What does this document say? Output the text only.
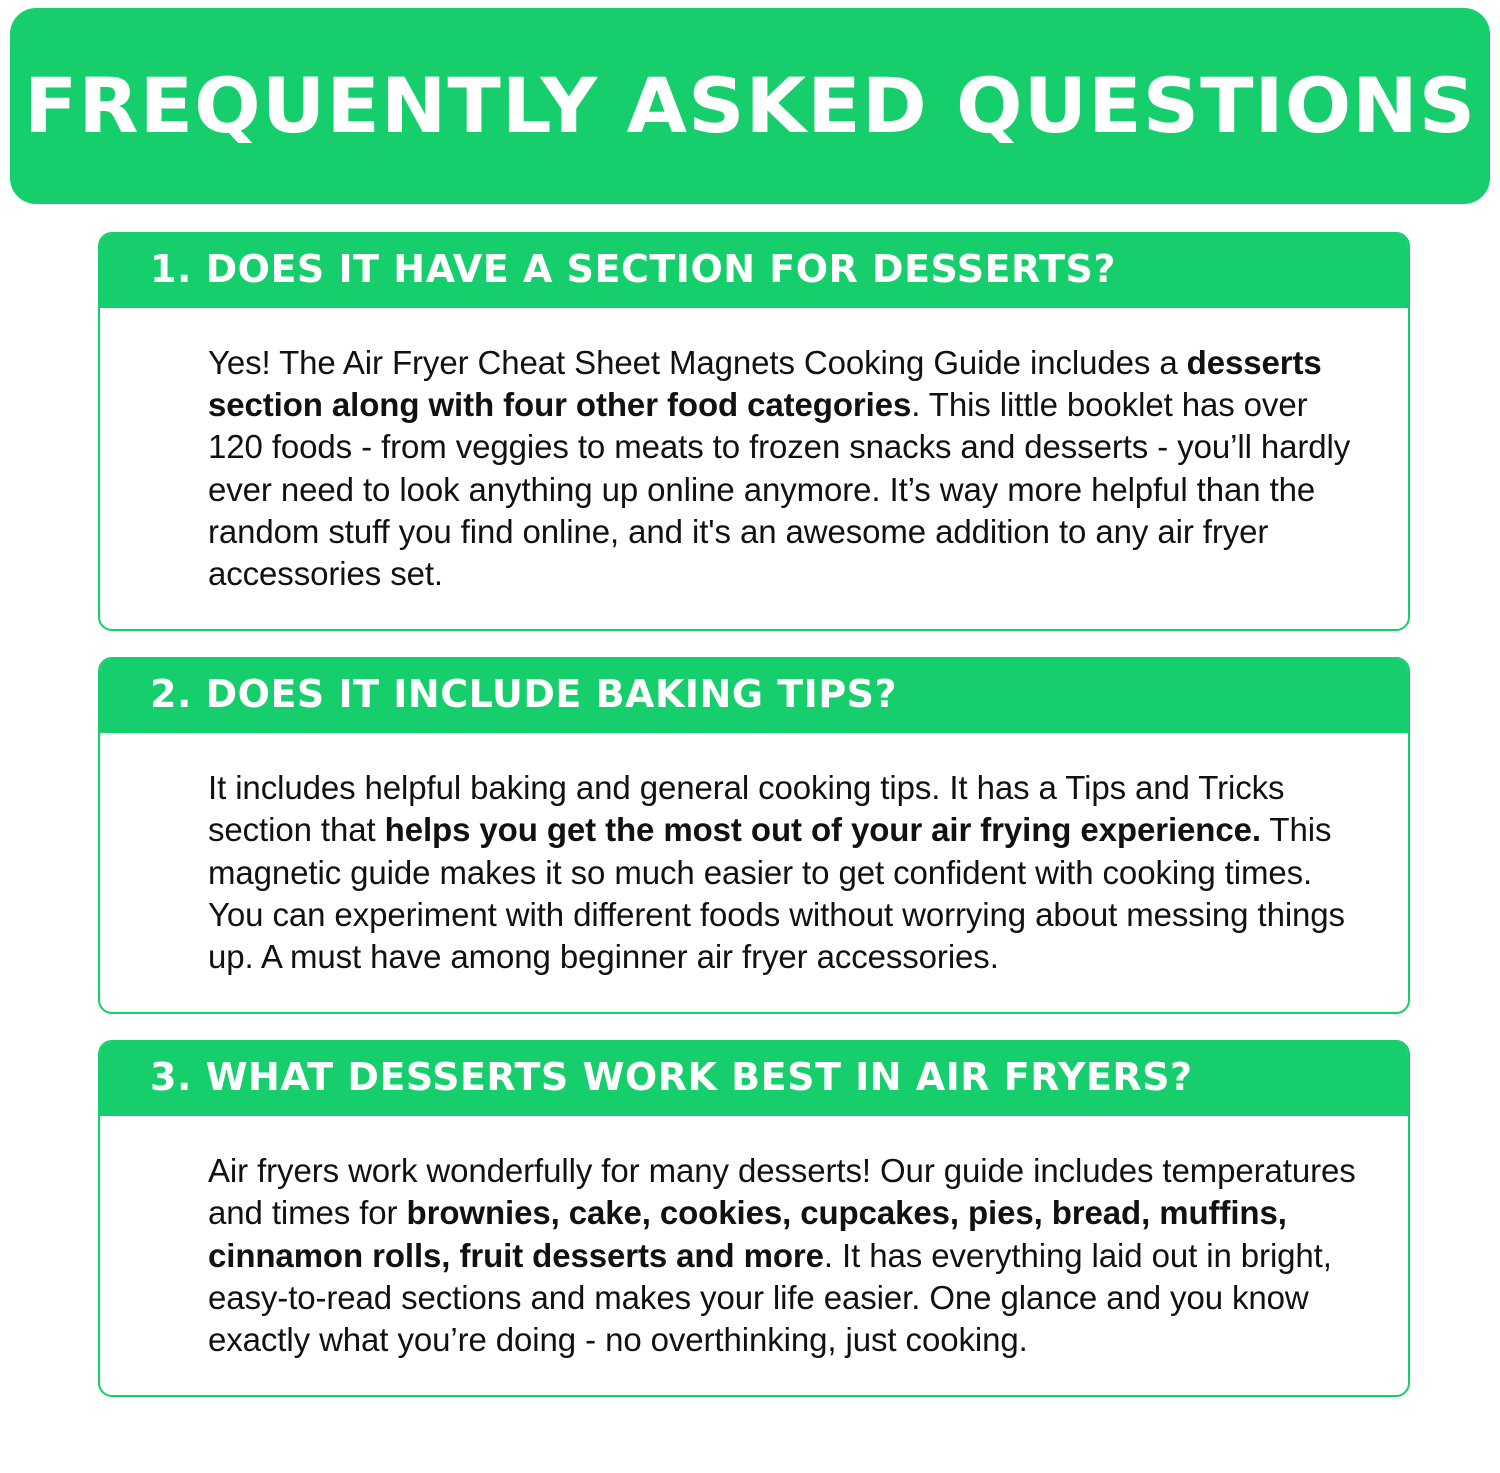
FREQUENTLY ASKED QUESTIONS
1. DOES IT HAVE A SECTION FOR DESSERTS?

Yes! The Air Fryer Cheat Sheet Magnets Cooking Guide includes a desserts section along with four other food categories. This little booklet has over 120 foods - from veggies to meats to frozen snacks and desserts - you’ll hardly ever need to look anything up online anymore. It’s way more helpful than the random stuff you find online, and it's an awesome addition to any air fryer accessories set.

2. DOES IT INCLUDE BAKING TIPS?

It includes helpful baking and general cooking tips. It has a Tips and Tricks section that helps you get the most out of your air frying experience. This magnetic guide makes it so much easier to get confident with cooking times. You can experiment with different foods without worrying about messing things up. A must have among beginner air fryer accessories.

3. WHAT DESSERTS WORK BEST IN AIR FRYERS?

Air fryers work wonderfully for many desserts! Our guide includes temperatures and times for brownies, cake, cookies, cupcakes, pies, bread, muffins, cinnamon rolls, fruit desserts and more. It has everything laid out in bright, easy-to-read sections and makes your life easier. One glance and you know exactly what you’re doing - no overthinking, just cooking.
